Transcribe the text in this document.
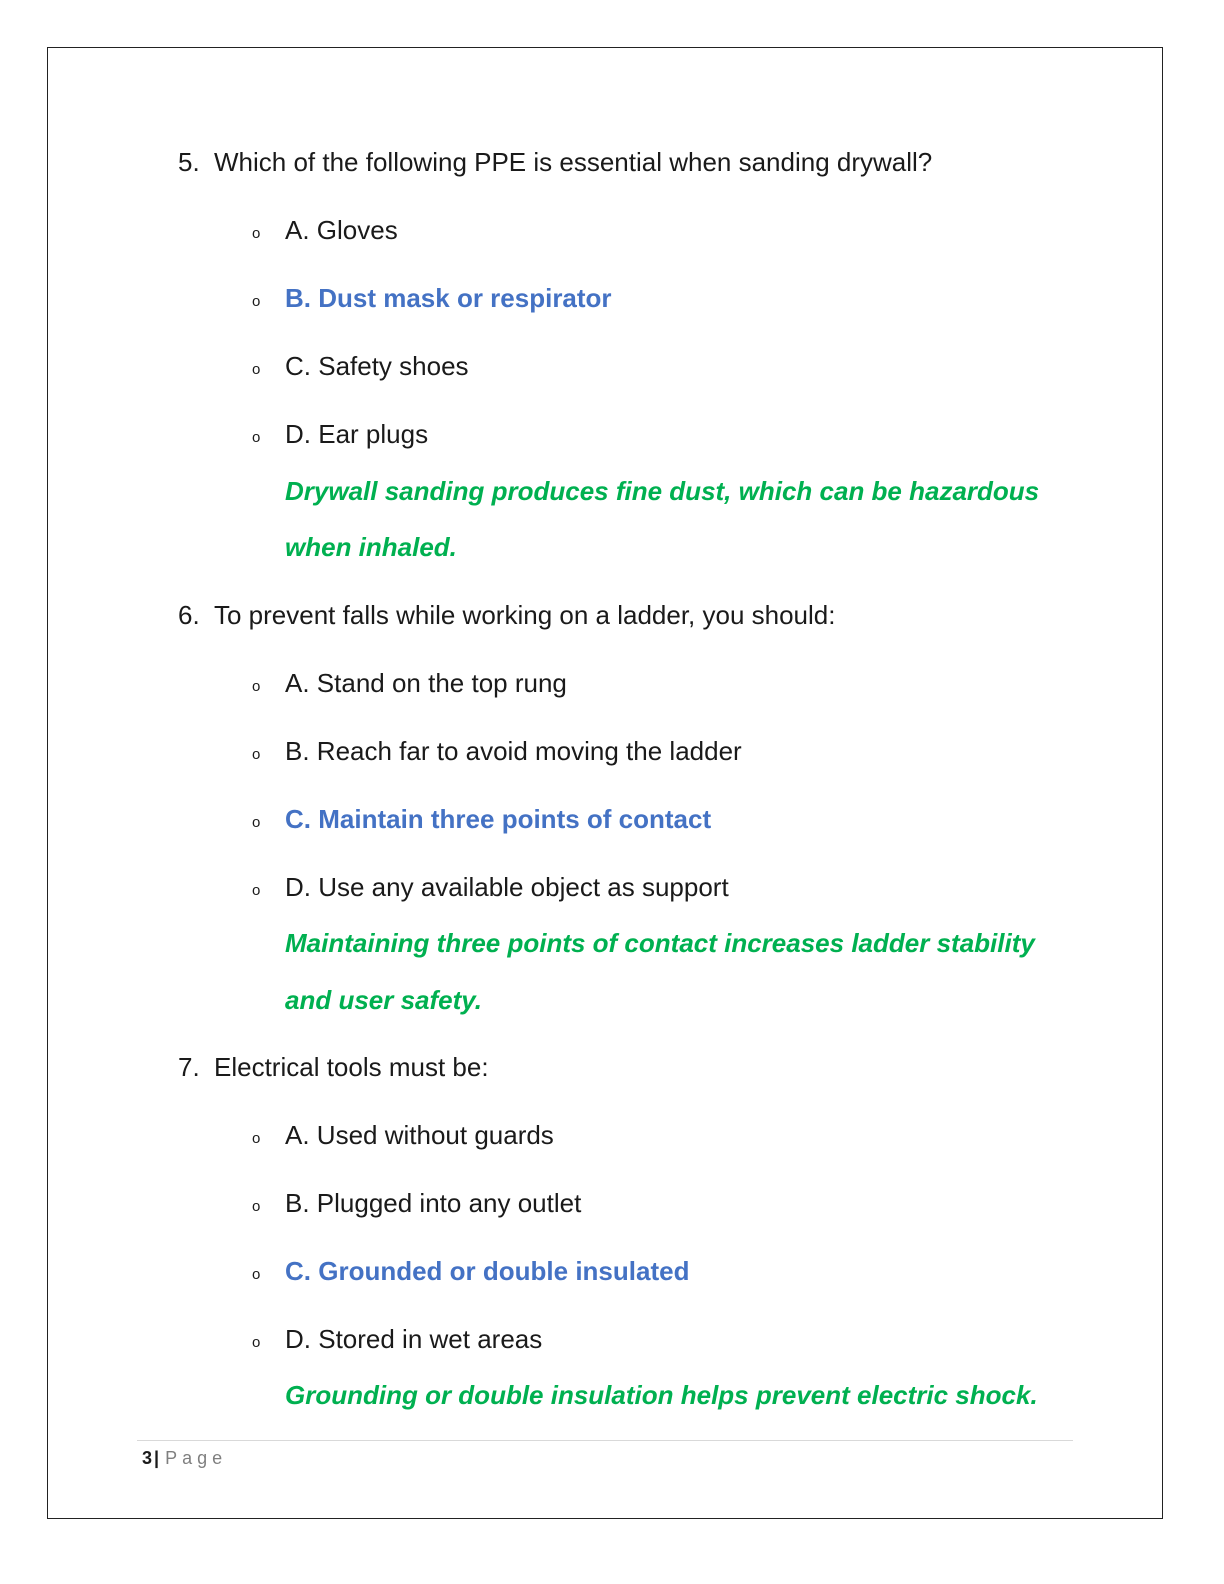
5. Which of the following PPE is essential when sanding drywall?
o A. Gloves
o B. Dust mask or respirator
o C. Safety shoes
o D. Ear plugs
Drywall sanding produces fine dust, which can be hazardous
when inhaled.
6. To prevent falls while working on a ladder, you should:
o A. Stand on the top rung
o B. Reach far to avoid moving the ladder
o C. Maintain three points of contact
o D. Use any available object as support
Maintaining three points of contact increases ladder stability
and user safety.
7. Electrical tools must be:
o A. Used without guards
o B. Plugged into any outlet
o C. Grounded or double insulated
o D. Stored in wet areas
Grounding or double insulation helps prevent electric shock.
3 | Page
